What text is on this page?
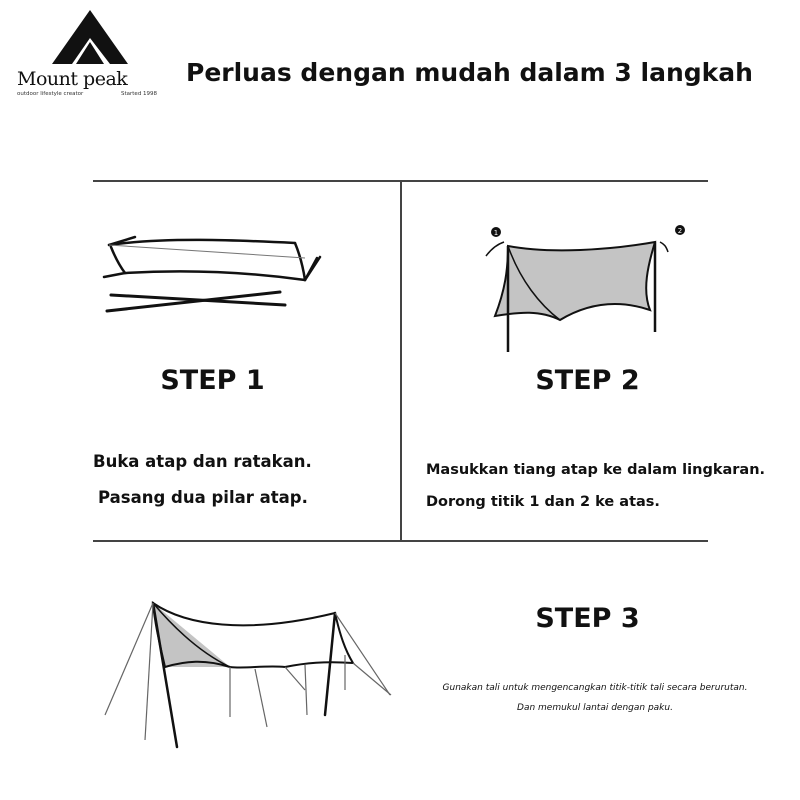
Mount peak
outdoor lifestyle creator	Started 1998
Perluas dengan mudah dalam 3 langkah
1	2
STEP 1	STEP 2
STEP 3
Buka atap dan ratakan.
Pasang dua pilar atap.
Masukkan tiang atap ke dalam lingkaran.
Dorong titik 1 dan 2 ke atas.
Gunakan tali untuk mengencangkan titik-titik tali secara berurutan.
Dan memukul lantai dengan paku.
